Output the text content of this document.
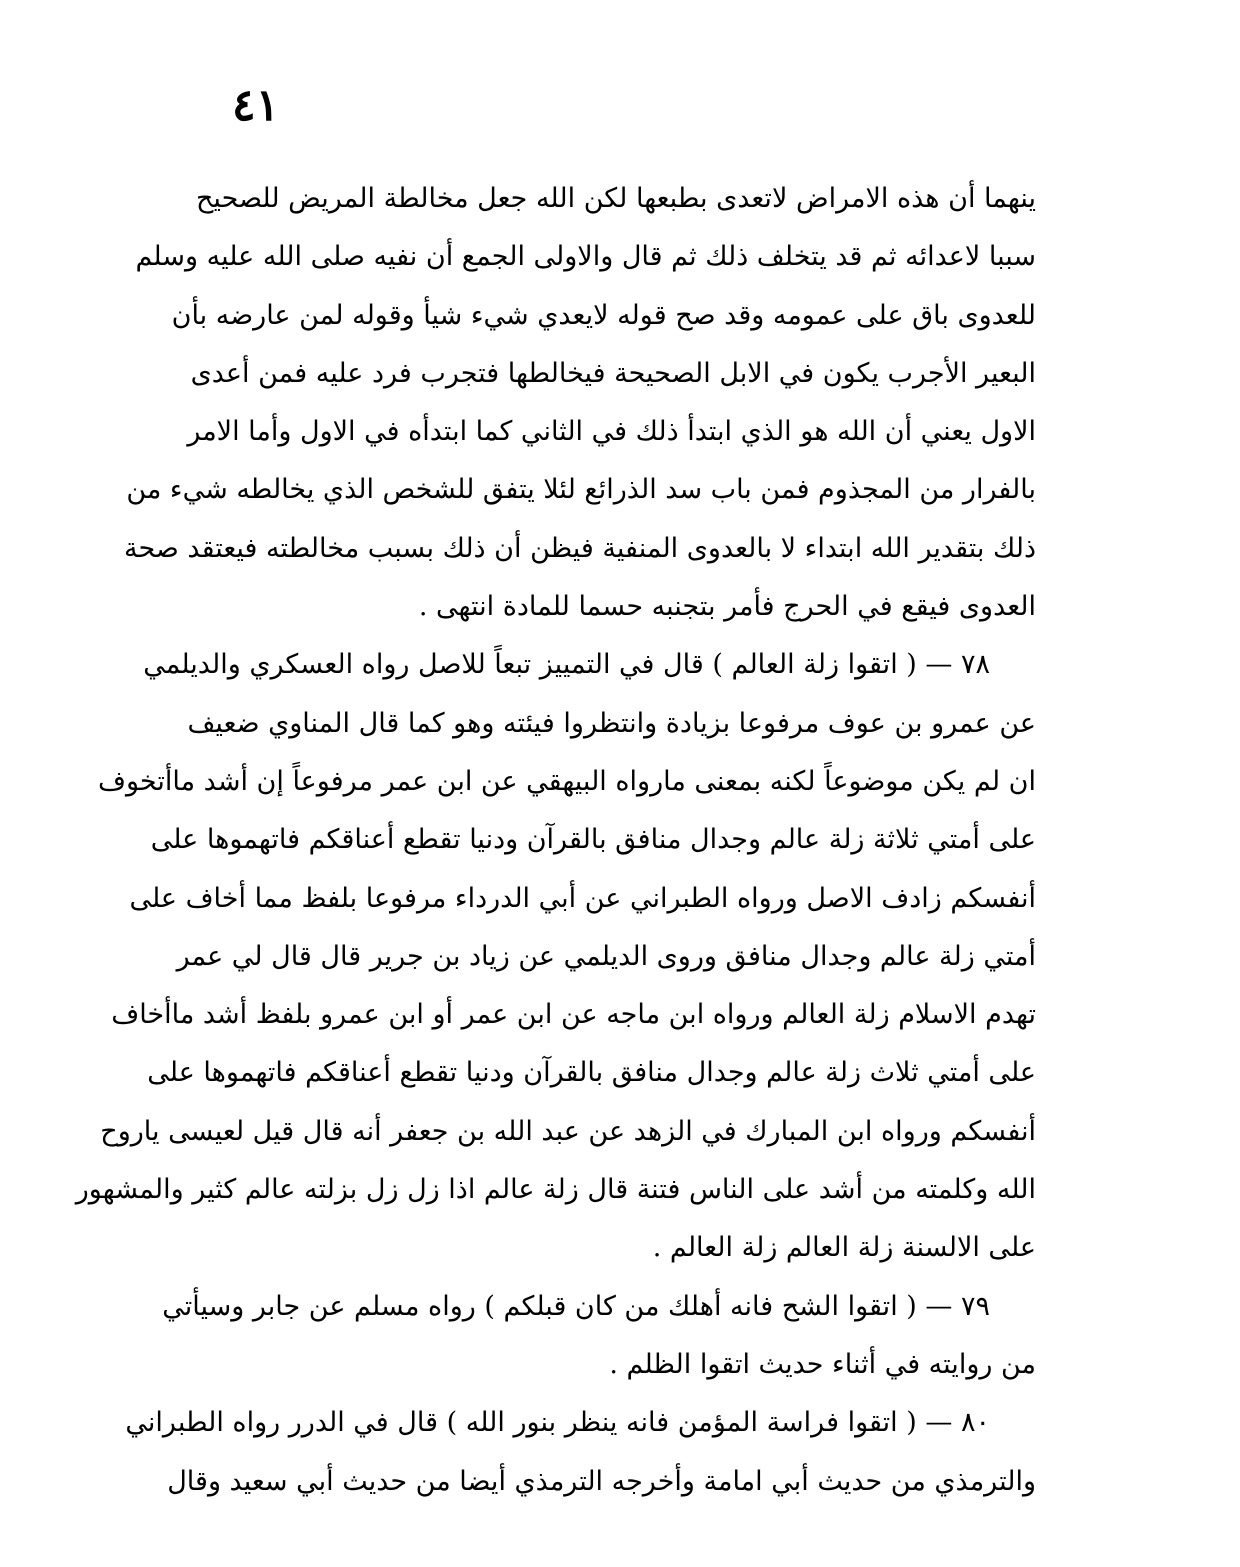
٤١
ينهما أن هذه الامراض لاتعدى بطبعها لكن الله جعل مخالطة المريض للصحيح
سببا لاعدائه ثم قد يتخلف ذلك ثم قال والاولى الجمع أن نفيه صلى الله عليه وسلم
للعدوى باق على عمومه وقد صح قوله لايعدي شيء شيأ وقوله لمن عارضه بأن
البعير الأجرب يكون في الابل الصحيحة فيخالطها فتجرب فرد عليه فمن أعدى
الاول يعني أن الله هو الذي ابتدأ ذلك في الثاني كما ابتدأه في الاول وأما الامر
بالفرار من المجذوم فمن باب سد الذرائع لئلا يتفق للشخص الذي يخالطه شيء من
ذلك بتقدير الله ابتداء لا بالعدوى المنفية فيظن أن ذلك بسبب مخالطته فيعتقد صحة
العدوى فيقع في الحرج فأمر بتجنبه حسما للمادة انتهى .
٧٨ — ( اتقوا زلة العالم ) قال في التمييز تبعاً للاصل رواه العسكري والديلمي
عن عمرو بن عوف مرفوعا بزيادة وانتظروا فيئته وهو كما قال المناوي ضعيف
ان لم يكن موضوعاً لكنه بمعنى مارواه البيهقي عن ابن عمر مرفوعاً إن أشد ماأتخوف
على أمتي ثلاثة زلة عالم وجدال منافق بالقرآن ودنيا تقطع أعناقكم فاتهموها على
أنفسكم زادف الاصل ورواه الطبراني عن أبي الدرداء مرفوعا بلفظ مما أخاف على
أمتي زلة عالم وجدال منافق وروى الديلمي عن زياد بن جرير قال قال لي عمر
تهدم الاسلام زلة العالم ورواه ابن ماجه عن ابن عمر أو ابن عمرو بلفظ أشد ماأخاف
على أمتي ثلاث زلة عالم وجدال منافق بالقرآن ودنيا تقطع أعناقكم فاتهموها على
أنفسكم ورواه ابن المبارك في الزهد عن عبد الله بن جعفر أنه قال قيل لعيسى ياروح
الله وكلمته من أشد على الناس فتنة قال زلة عالم اذا زل زل بزلته عالم كثير والمشهور
على الالسنة زلة العالم زلة العالم .
٧٩ — ( اتقوا الشح فانه أهلك من كان قبلكم ) رواه مسلم عن جابر وسيأتي
من روايته في أثناء حديث اتقوا الظلم .
٨٠ — ( اتقوا فراسة المؤمن فانه ينظر بنور الله ) قال في الدرر رواه الطبراني
والترمذي من حديث أبي امامة وأخرجه الترمذي أيضا من حديث أبي سعيد وقال
